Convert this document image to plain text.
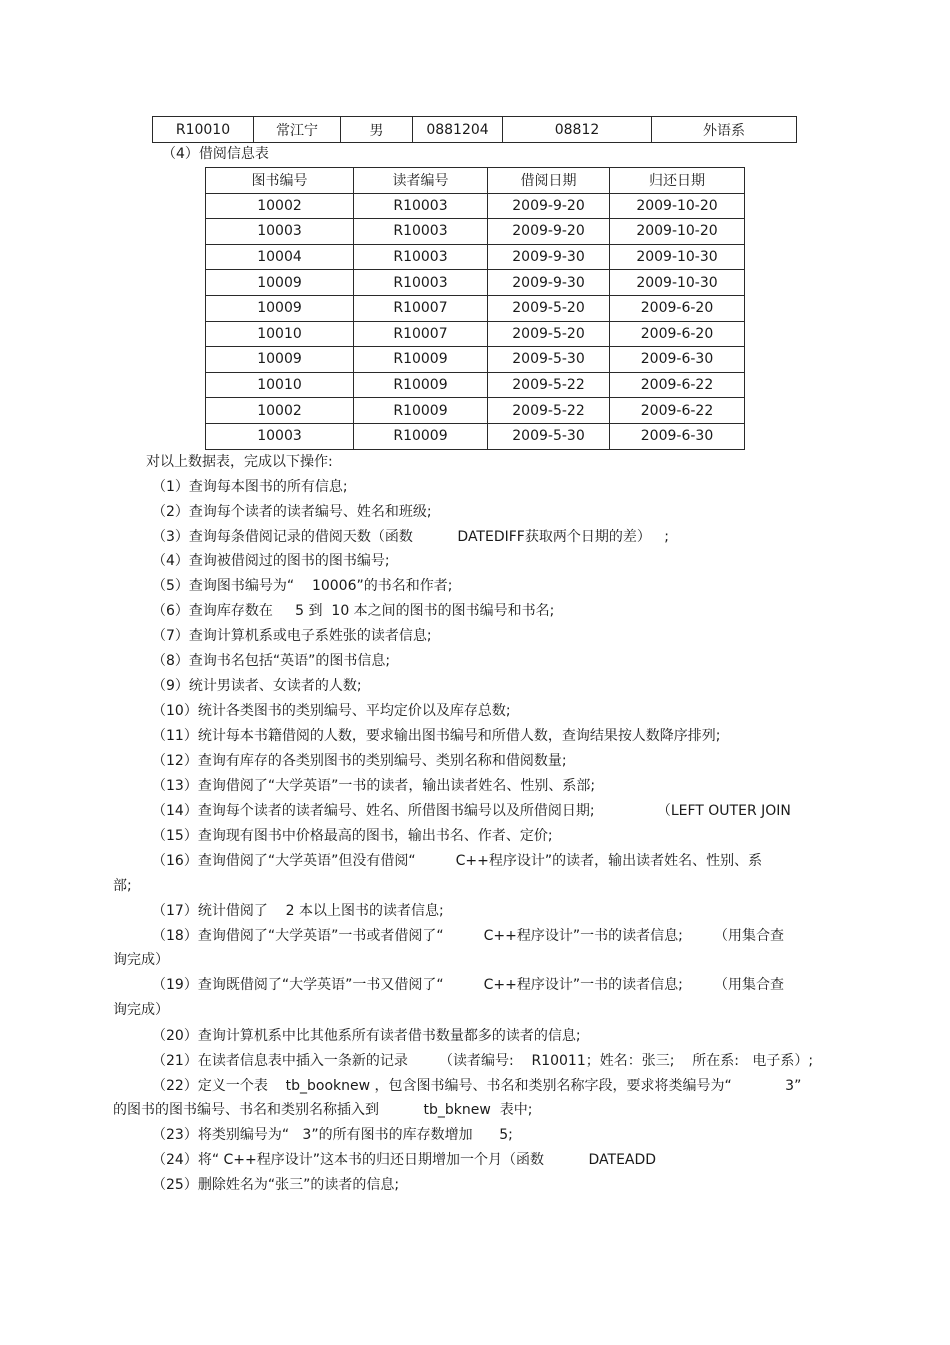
R10010	常江宁	男	0881204	08812	外语系
（4）借阅信息表
图书编号	读者编号	借阅日期	归还日期
10002	R10003	2009-9-20	2009-10-20
10003	R10003	2009-9-20	2009-10-20
10004	R10003	2009-9-30	2009-10-30
10009	R10003	2009-9-30	2009-10-30
10009	R10007	2009-5-20	2009-6-20
10010	R10007	2009-5-20	2009-6-20
10009	R10009	2009-5-30	2009-6-30
10010	R10009	2009-5-22	2009-6-22
10002	R10009	2009-5-22	2009-6-22
10003	R10009	2009-5-30	2009-6-30
对以上数据表，完成以下操作:
（1）查询每本图书的所有信息;
（2）查询每个读者的读者编号、姓名和班级;
（3）查询每条借阅记录的借阅天数（函数          DATEDIFF获取两个日期的差）   ;
（4）查询被借阅过的图书的图书编号;
（5）查询图书编号为“    10006”的书名和作者;
（6）查询库存数在     5 到  10 本之间的图书的图书编号和书名;
（7）查询计算机系或电子系姓张的读者信息;
（8）查询书名包括“英语”的图书信息;
（9）统计男读者、女读者的人数;
（10）统计各类图书的类别编号、平均定价以及库存总数;
（11）统计每本书籍借阅的人数，要求输出图书编号和所借人数，查询结果按人数降序排列;
（12）查询有库存的各类别图书的类别编号、类别名称和借阅数量;
（13）查询借阅了“大学英语”一书的读者，输出读者姓名、性别、系部;
（14）查询每个读者的读者编号、姓名、所借图书编号以及所借阅日期;              （LEFT OUTER JOIN
（15）查询现有图书中价格最高的图书，输出书名、作者、定价;
（16）查询借阅了“大学英语”但没有借阅“         C++程序设计”的读者，输出读者姓名、性别、系
部;
（17）统计借阅了    2 本以上图书的读者信息;
（18）查询借阅了“大学英语”一书或者借阅了“         C++程序设计”一书的读者信息;       （用集合查
询完成）
（19）查询既借阅了“大学英语”一书又借阅了“         C++程序设计”一书的读者信息;       （用集合查
询完成）
（20）查询计算机系中比其他系所有读者借书数量都多的读者的信息;
（21）在读者信息表中插入一条新的记录       （读者编号:    R10011；姓名：张三;    所在系:   电子系）;
（22）定义一个表    tb_booknew ，包含图书编号、书名和类别名称字段，要求将类编号为“            3”
的图书的图书编号、书名和类别名称插入到          tb_bknew  表中;
（23）将类别编号为“   3”的所有图书的库存数增加      5;
（24）将“ C++程序设计”这本书的归还日期增加一个月（函数          DATEADD
（25）删除姓名为“张三”的读者的信息;
